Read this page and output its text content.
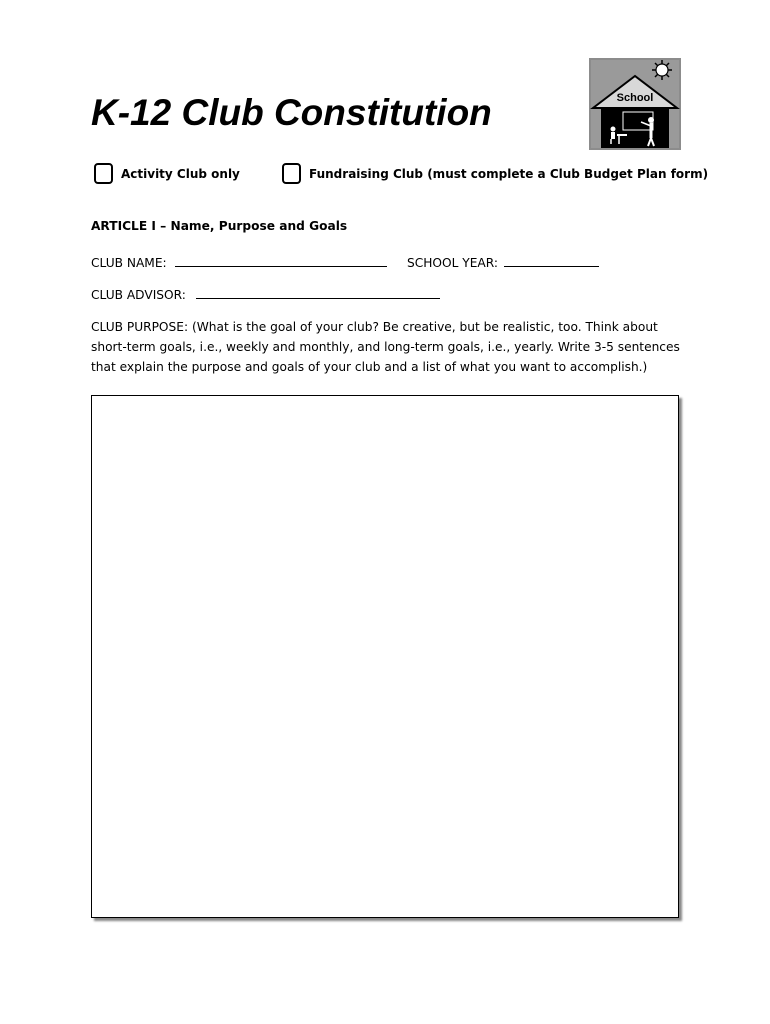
K-12 Club Constitution	School
Activity Club only	Fundraising Club (must complete a Club Budget Plan form)
ARTICLE I – Name, Purpose and Goals
CLUB NAME:	SCHOOL YEAR:
CLUB ADVISOR:
CLUB PURPOSE: (What is the goal of your club? Be creative, but be realistic, too. Think about short-term goals, i.e., weekly and monthly, and long-term goals, i.e., yearly. Write 3-5 sentences that explain the purpose and goals of your club and a list of what you want to accomplish.)
